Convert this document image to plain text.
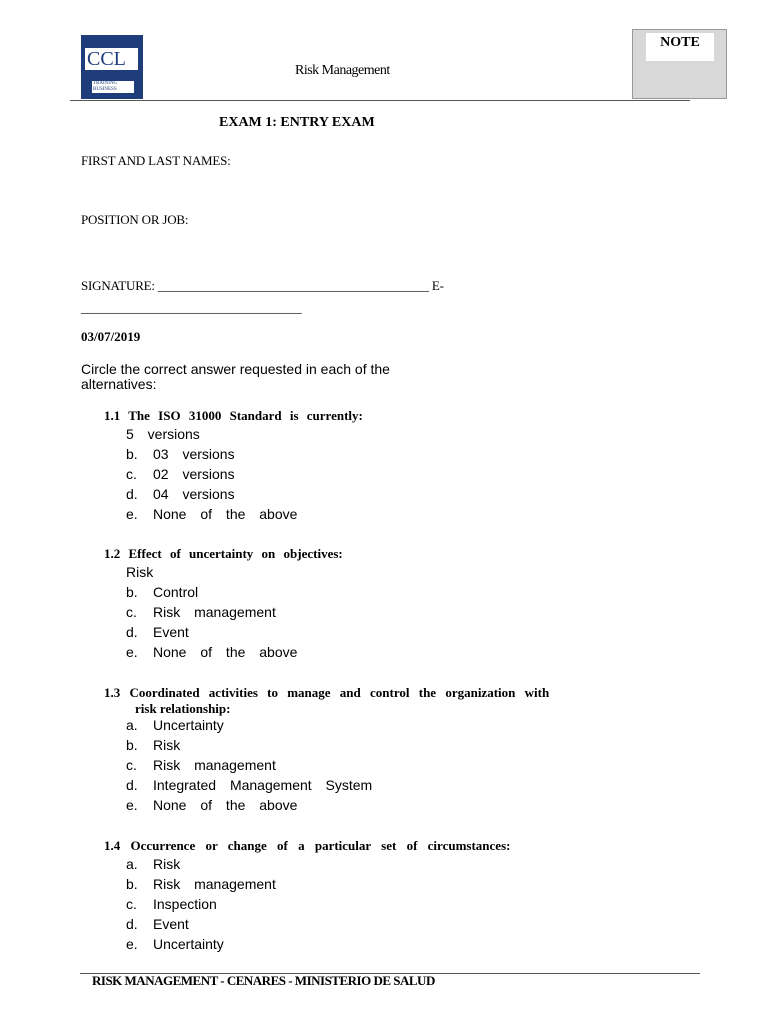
CCL
TRAINING
BUSINESS
Risk Management
NOTE
EXAM 1: ENTRY EXAM
FIRST AND LAST NAMES:
POSITION OR JOB:
SIGNATURE: ___________________________________________ E-
___________________________________
03/07/2019
Circle the correct answer requested in each of the alternatives:
1.1 The ISO 31000 Standard is currently:
5 versions
b. 03 versions
c. 02 versions
d. 04 versions
e. None of the above
1.2 Effect of uncertainty on objectives:
Risk
b. Control
c. Risk management
d. Event
e. None of the above
1.3 Coordinated activities to manage and control the organization with
risk relationship:
a. Uncertainty
b. Risk
c. Risk management
d. Integrated Management System
e. None of the above
1.4 Occurrence or change of a particular set of circumstances:
a. Risk
b. Risk management
c. Inspection
d. Event
e. Uncertainty
RISK MANAGEMENT - CENARES - MINISTERIO DE SALUD
